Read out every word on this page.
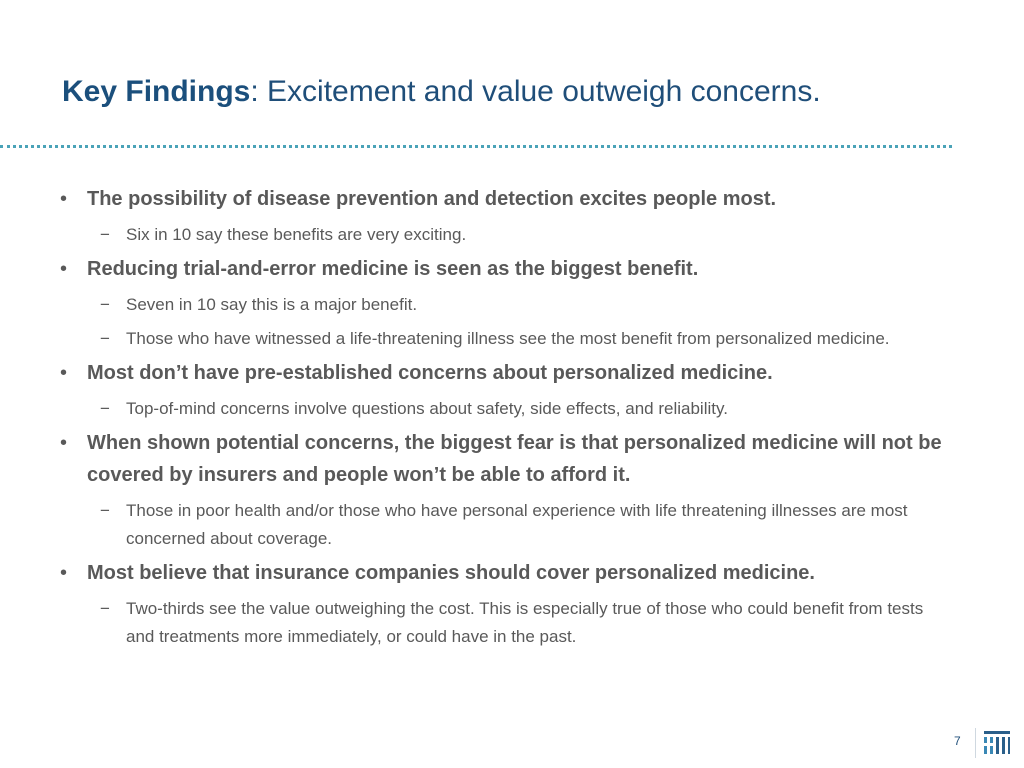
Key Findings: Excitement and value outweigh concerns.
• The possibility of disease prevention and detection excites people most.
− Six in 10 say these benefits are very exciting.
• Reducing trial-and-error medicine is seen as the biggest benefit.
− Seven in 10 say this is a major benefit.
− Those who have witnessed a life-threatening illness see the most benefit from personalized medicine.
• Most don’t have pre-established concerns about personalized medicine.
− Top-of-mind concerns involve questions about safety, side effects, and reliability.
• When shown potential concerns, the biggest fear is that personalized medicine will not be covered by insurers and people won’t be able to afford it.
− Those in poor health and/or those who have personal experience with life threatening illnesses are most concerned about coverage.
• Most believe that insurance companies should cover personalized medicine.
− Two-thirds see the value outweighing the cost. This is especially true of those who could benefit from tests and treatments more immediately, or could have in the past.
7
